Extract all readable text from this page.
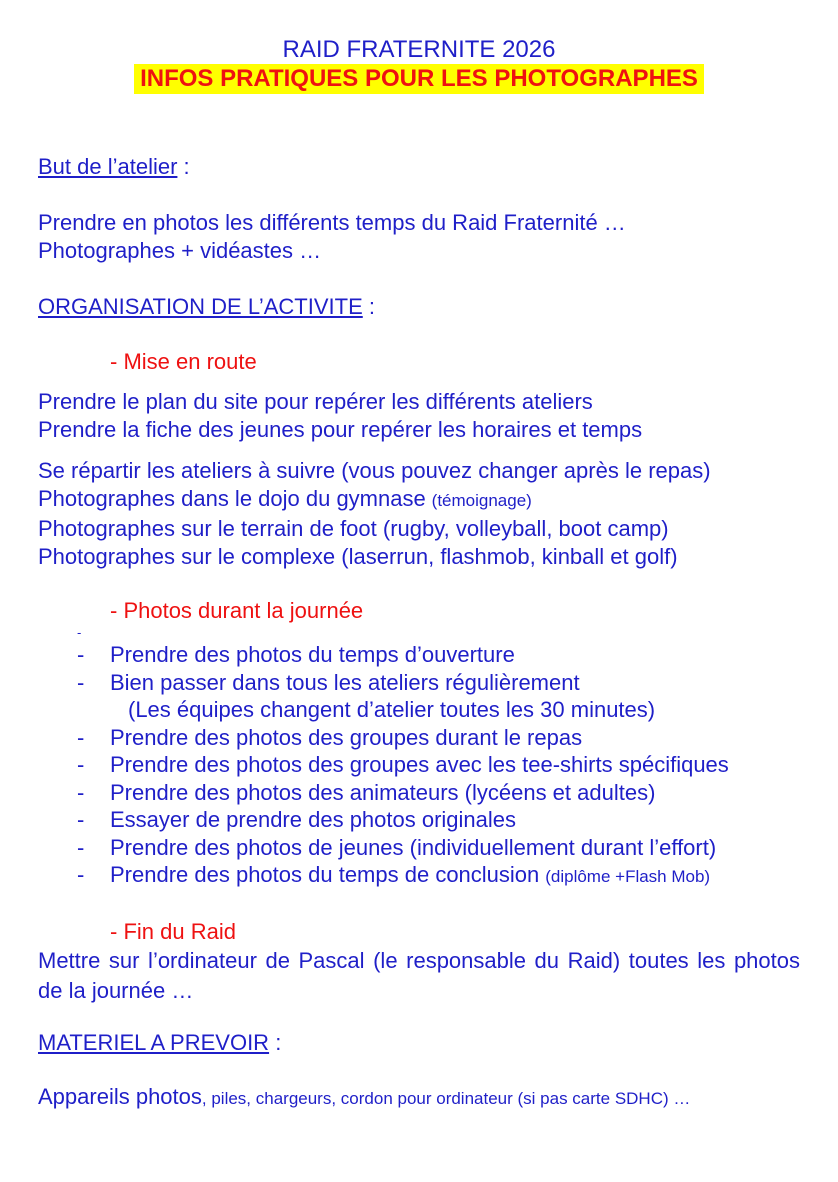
RAID FRATERNITE 2026

INFOS PRATIQUES POUR LES PHOTOGRAPHES

But de l’atelier :

Prendre en photos les différents temps du Raid Fraternité …

Photographes + vidéastes …

ORGANISATION DE L’ACTIVITE :

- Mise en route

Prendre le plan du site pour repérer les différents ateliers

Prendre la fiche des jeunes pour repérer les horaires et temps

Se répartir les ateliers à suivre (vous pouvez changer après le repas)

Photographes dans le dojo du gymnase (témoignage)

Photographes sur le terrain de foot (rugby, volleyball, boot camp)

Photographes sur le complexe (laserrun, flashmob, kinball et golf)

- Photos durant la journée

-
-	Prendre des photos du temps d’ouverture
-	Bien passer dans tous les ateliers régulièrement

(Les équipes changent d’atelier toutes les 30 minutes)

-	Prendre des photos des groupes durant le repas
-	Prendre des photos des groupes avec les tee-shirts spécifiques
-	Prendre des photos des animateurs (lycéens et adultes)
-	Essayer de prendre des photos originales
-	Prendre des photos de jeunes (individuellement durant l’effort)
-	Prendre des photos du temps de conclusion (diplôme +Flash Mob)

- Fin du Raid

Mettre sur l’ordinateur de Pascal (le responsable du Raid) toutes les photos de la journée …

MATERIEL A PREVOIR :

Appareils photos, piles, chargeurs, cordon pour ordinateur (si pas carte SDHC) …
